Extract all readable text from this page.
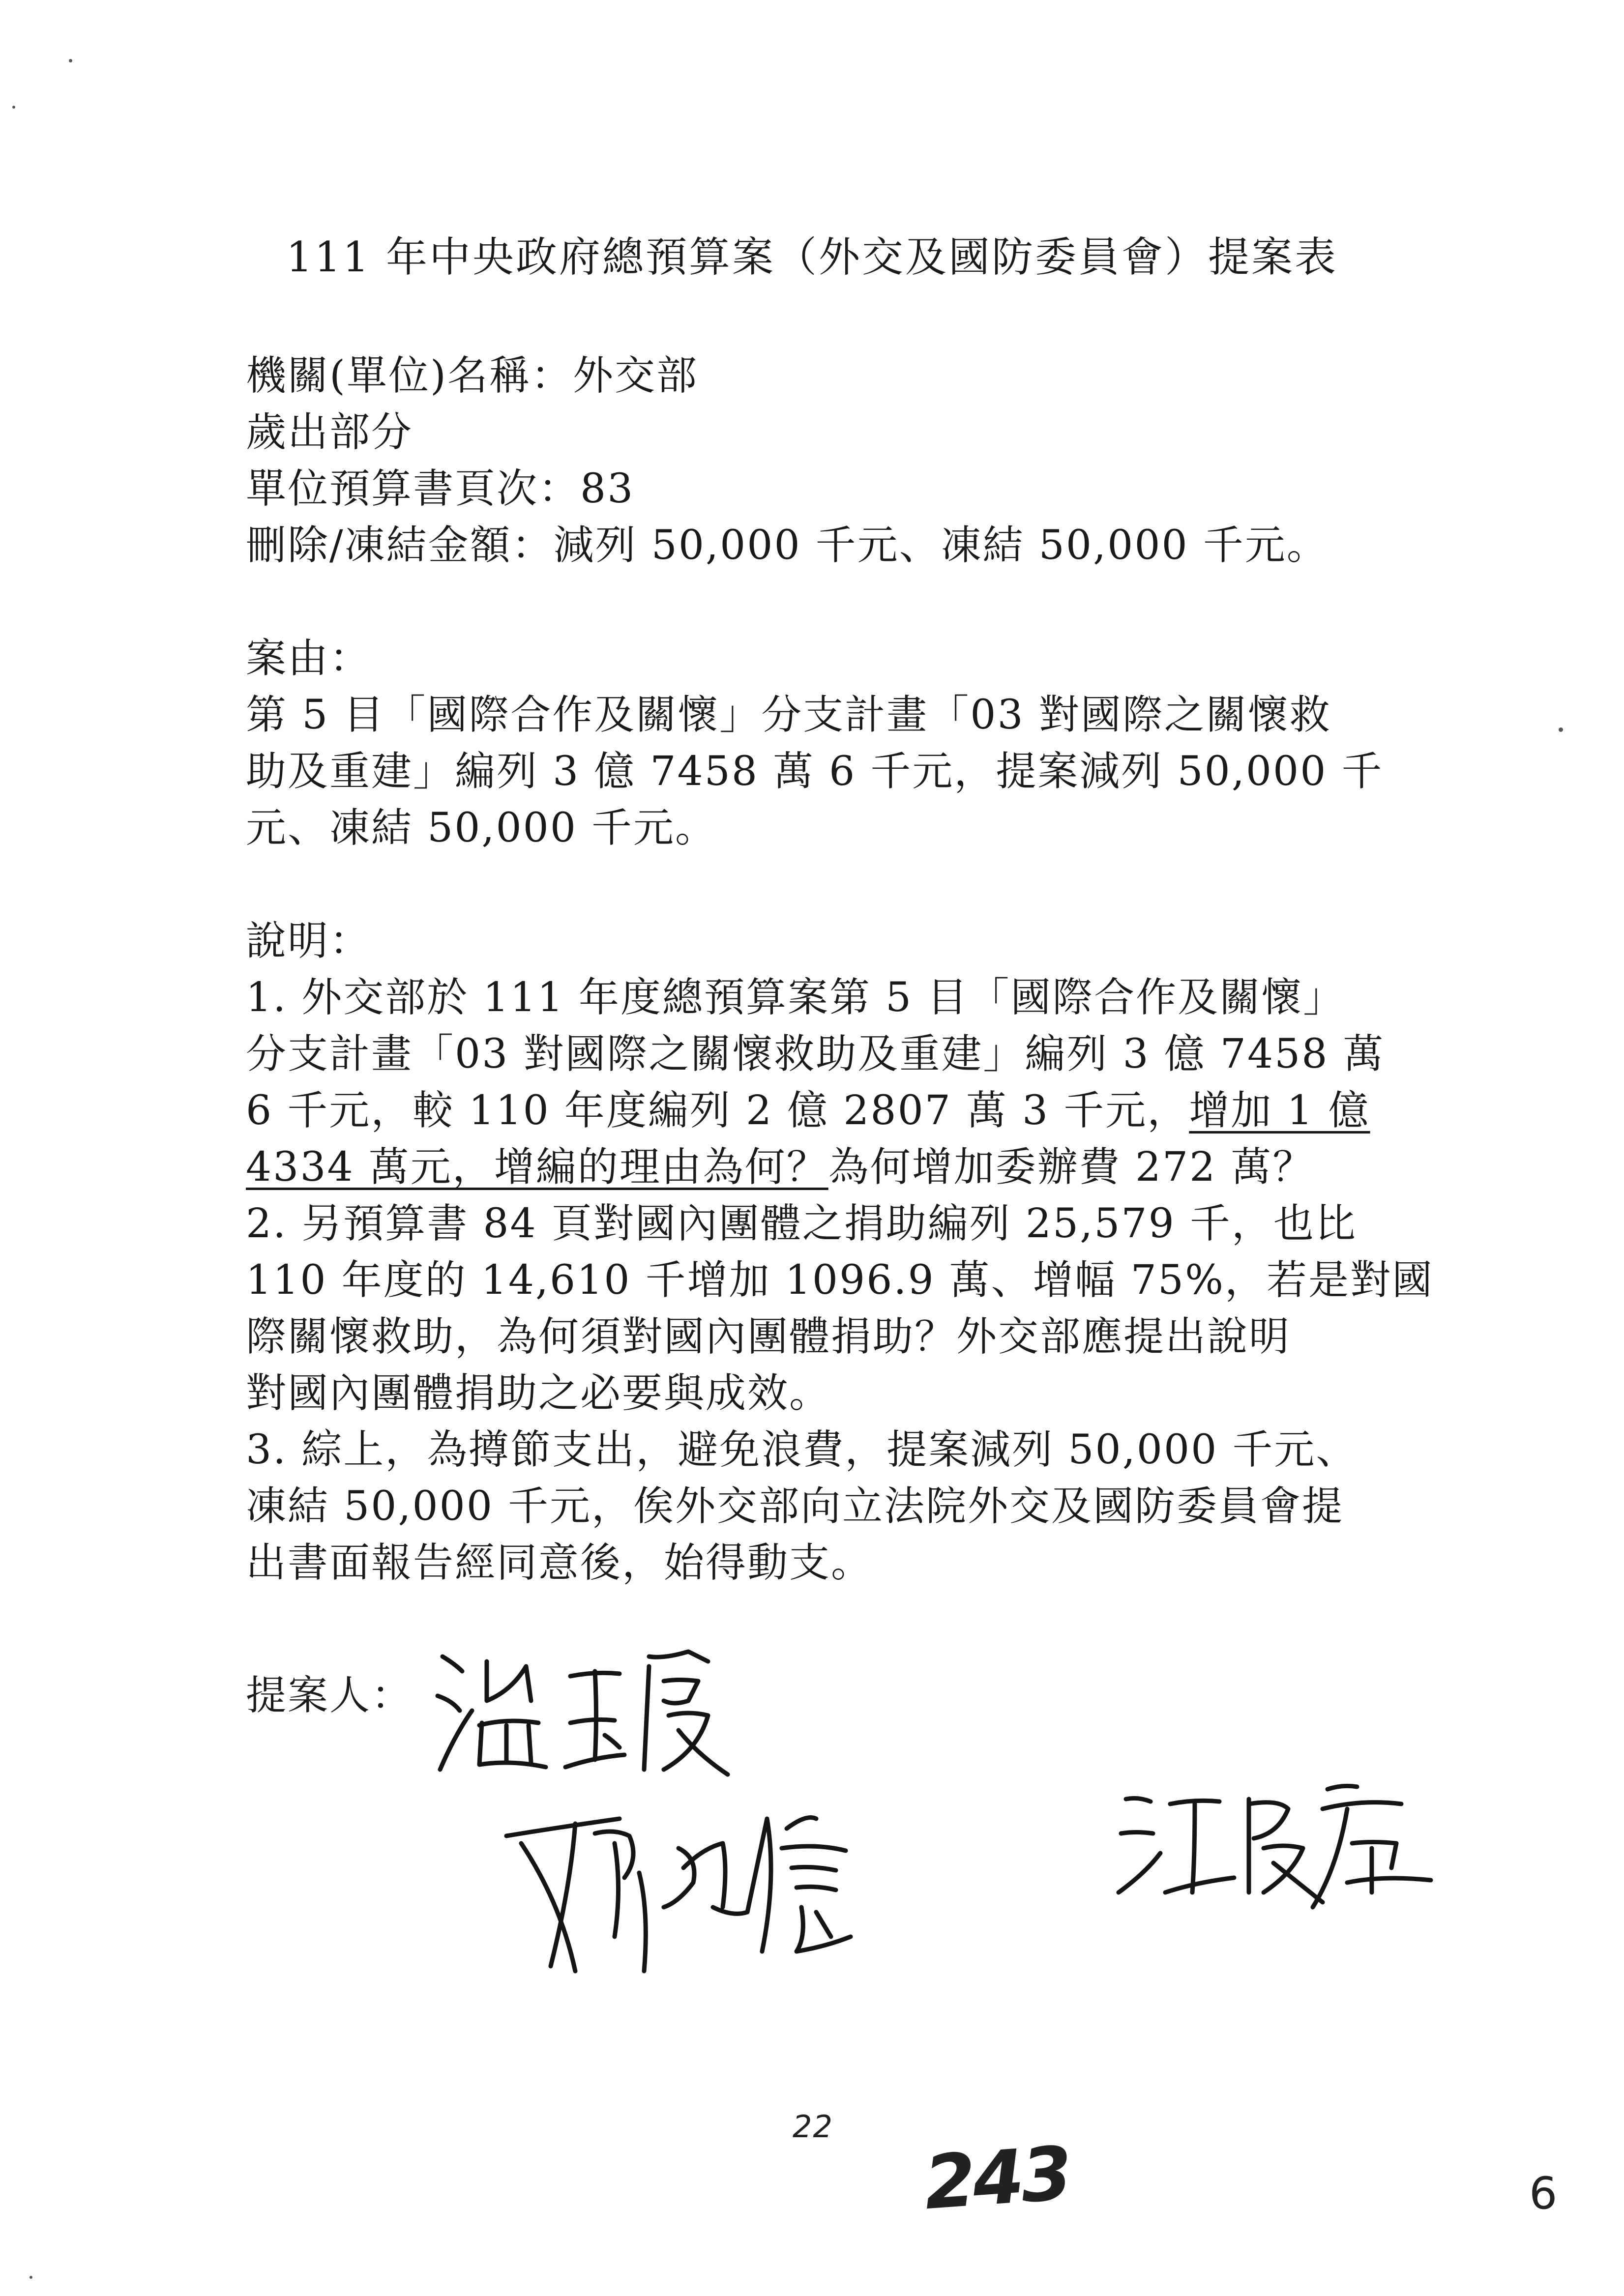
111 年中央政府總預算案（外交及國防委員會）提案表
機關(單位)名稱：外交部
歲出部分
單位預算書頁次：83
刪除/凍結金額：減列 50,000 千元、凍結 50,000 千元。
案由：
第 5 目「國際合作及關懷」分支計畫「03 對國際之關懷救
助及重建」編列 3 億 7458 萬 6 千元，提案減列 50,000 千
元、凍結 50,000 千元。
說明：
1. 外交部於 111 年度總預算案第 5 目「國際合作及關懷」
分支計畫「03 對國際之關懷救助及重建」編列 3 億 7458 萬
6 千元，較 110 年度編列 2 億 2807 萬 3 千元，增加 1 億
4334 萬元，增編的理由為何？為何增加委辦費 272 萬？
2. 另預算書 84 頁對國內團體之捐助編列 25,579 千，也比
110 年度的 14,610 千增加 1096.9 萬、增幅 75%，若是對國
際關懷救助，為何須對國內團體捐助？外交部應提出說明
對國內團體捐助之必要與成效。
3. 綜上，為撙節支出，避免浪費，提案減列 50,000 千元、
凍結 50,000 千元，俟外交部向立法院外交及國防委員會提
出書面報告經同意後，始得動支。
提案人：
22
243	6
